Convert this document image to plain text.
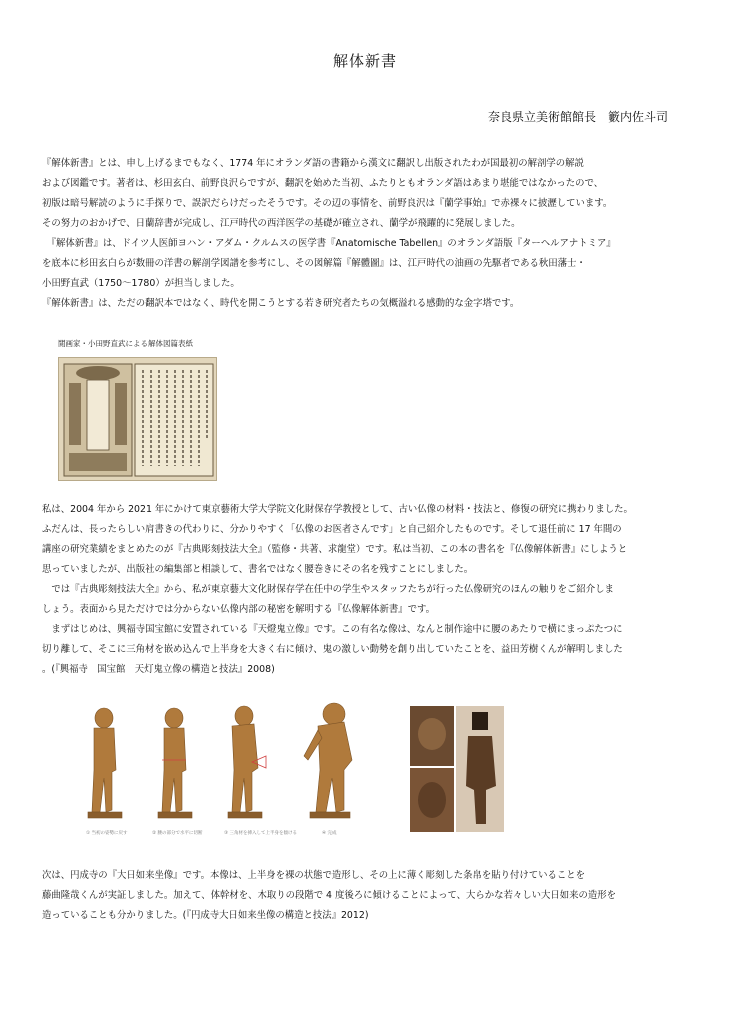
解体新書
奈良県立美術館館長　籔内佐斗司

『解体新書』とは、申し上げるまでもなく、1774 年にオランダ語の書籍から漢文に翻訳し出版されたわが国最初の解剖学の解説

および図鑑です。著者は、杉田玄白、前野良沢らですが、翻訳を始めた当初、ふたりともオランダ語はあまり堪能ではなかったので、

初版は暗号解読のように手探りで、誤訳だらけだったそうです。その辺の事情を、前野良沢は『蘭学事始』で赤裸々に披瀝しています。

その努力のおかげで、日蘭辞書が完成し、江戸時代の西洋医学の基礎が確立され、蘭学が飛躍的に発展しました。

　『解体新書』は、ドイツ人医師ヨハン・アダム・クルムスの医学書『Anatomische Tabellen』のオランダ語版『ターヘルアナトミア』

を底本に杉田玄白らが数冊の洋書の解剖学図譜を参考にし、その図解篇『解體圖』は、江戸時代の油画の先駆者である秋田藩士・

小田野直武（1750〜1780）が担当しました。

『解体新書』は、ただの翻訳本ではなく、時代を開こうとする若き研究者たちの気概溢れる感動的な金字塔です。

閲画家・小田野直武による解体図篇表紙

私は、2004 年から 2021 年にかけて東京藝術大学大学院文化財保存学教授として、古い仏像の材料・技法と、修復の研究に携わりました。

ふだんは、長ったらしい肩書きの代わりに、分かりやすく「仏像のお医者さんです」と自己紹介したものです。そして退任前に 17 年間の

講座の研究業績をまとめたのが『古典彫刻技法大全』（監修・共著、求龍堂）です。私は当初、この本の書名を『仏像解体新書』にしようと

思っていましたが、出版社の編集部と相談して、書名ではなく腰巻きにその名を残すことにしました。

　では『古典彫刻技法大全』から、私が東京藝大文化財保存学在任中の学生やスタッフたちが行った仏像研究のほんの触りをご紹介しま

しょう。表面から見ただけでは分からない仏像内部の秘密を解明する『仏像解体新書』です。

　まずはじめは、興福寺国宝館に安置されている『天燈鬼立像』です。この有名な像は、なんと制作途中に腰のあたりで横にまっぷたつに

切り離して、そこに三角材を嵌め込んで上半身を大きく右に傾け、鬼の激しい動勢を創り出していたことを、益田芳樹くんが解明しました

。(『興福寺　国宝館　天灯鬼立像の構造と技法』2008)

① 当初の姿勢に戻す	② 腰の部分で水平に切断	③ 三角材を挿入して上半身を傾ける	④ 完成

次は、円成寺の『大日如来坐像』です。本像は、上半身を裸の状態で造形し、その上に薄く彫刻した条帛を貼り付けていることを

藤曲隆哉くんが実証しました。加えて、体幹材を、木取りの段階で 4 度後ろに傾けることによって、大らかな若々しい大日如来の造形を

造っていることも分かりました。(『円成寺大日如来坐像の構造と技法』2012)
